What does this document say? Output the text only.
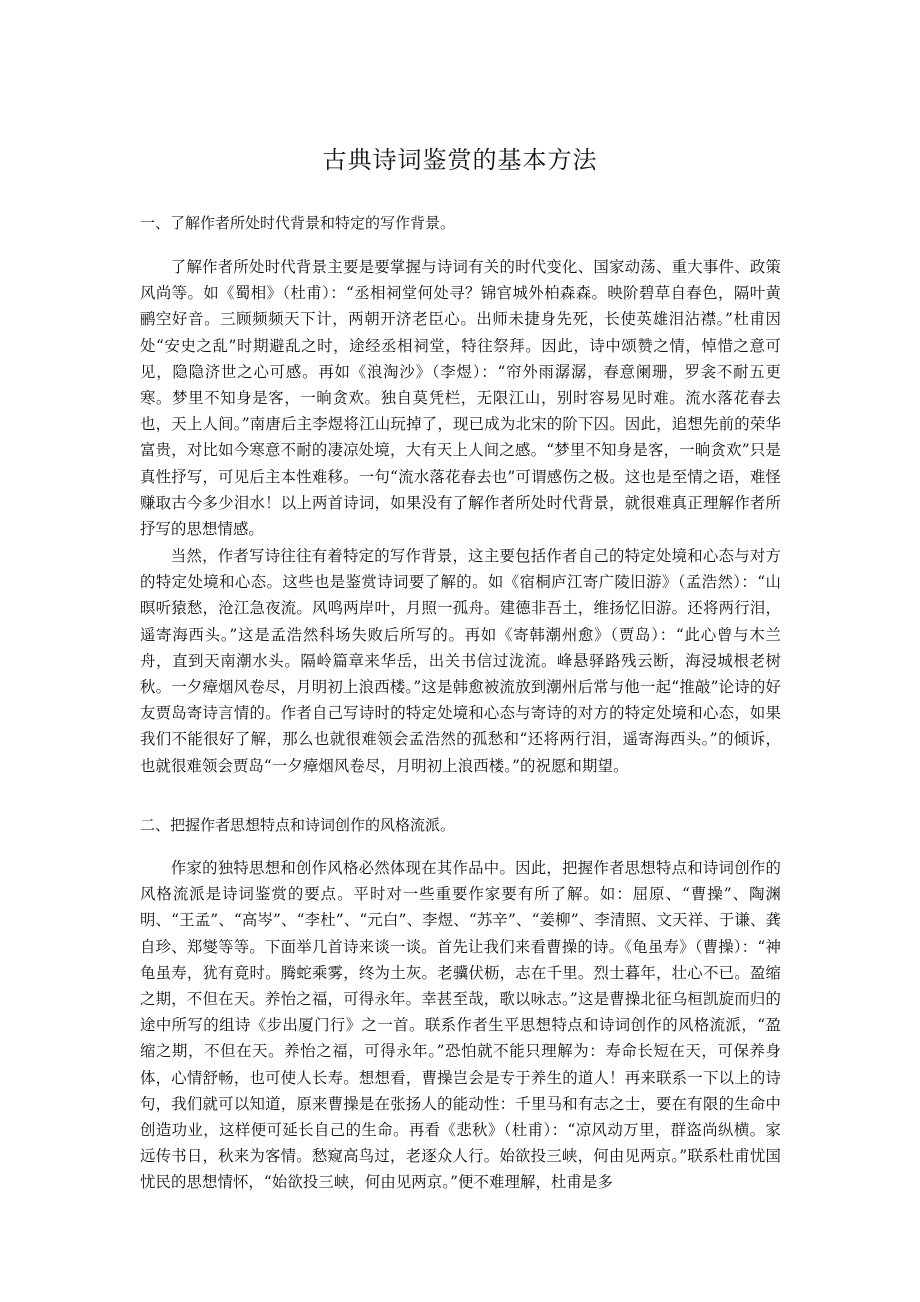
古典诗词鉴赏的基本方法

一、了解作者所处时代背景和特定的写作背景。

了解作者所处时代背景主要是要掌握与诗词有关的时代变化、国家动荡、重大事件、政策风尚等。如《蜀相》（杜甫）：“丞相祠堂何处寻？锦官城外柏森森。映阶碧草自春色，隔叶黄鹂空好音。三顾频频天下计，两朝开济老臣心。出师未捷身先死，长使英雄泪沾襟。”杜甫因处“安史之乱”时期避乱之时，途经丞相祠堂，特往祭拜。因此，诗中颂赞之情，悼惜之意可见，隐隐济世之心可感。再如《浪淘沙》（李煜）：“帘外雨潺潺，春意阑珊，罗衾不耐五更寒。梦里不知身是客，一晌贪欢。独自莫凭栏，无限江山，别时容易见时难。流水落花春去也，天上人间。”南唐后主李煜将江山玩掉了，现已成为北宋的阶下囚。因此，追想先前的荣华富贵，对比如今寒意不耐的凄凉处境，大有天上人间之感。“梦里不知身是客，一晌贪欢”只是真性抒写，可见后主本性难移。一句“流水落花春去也”可谓感伤之极。这也是至情之语，难怪赚取古今多少泪水！以上两首诗词，如果没有了解作者所处时代背景，就很难真正理解作者所抒写的思想情感。

当然，作者写诗往往有着特定的写作背景，这主要包括作者自己的特定处境和心态与对方的特定处境和心态。这些也是鉴赏诗词要了解的。如《宿桐庐江寄广陵旧游》（孟浩然）：“山暝听猿愁，沧江急夜流。风鸣两岸叶，月照一孤舟。建德非吾土，维扬忆旧游。还将两行泪，遥寄海西头。”这是孟浩然科场失败后所写的。再如《寄韩潮州愈》（贾岛）：“此心曾与木兰舟，直到天南潮水头。隔岭篇章来华岳，出关书信过泷流。峰悬驿路残云断，海浸城根老树秋。一夕瘴烟风卷尽，月明初上浪西楼。”这是韩愈被流放到潮州后常与他一起“推敲”论诗的好友贾岛寄诗言情的。作者自己写诗时的特定处境和心态与寄诗的对方的特定处境和心态，如果我们不能很好了解，那么也就很难领会孟浩然的孤愁和“还将两行泪，遥寄海西头。”的倾诉，也就很难领会贾岛“一夕瘴烟风卷尽，月明初上浪西楼。”的祝愿和期望。

二、把握作者思想特点和诗词创作的风格流派。

作家的独特思想和创作风格必然体现在其作品中。因此，把握作者思想特点和诗词创作的风格流派是诗词鉴赏的要点。平时对一些重要作家要有所了解。如：屈原、“曹操”、陶渊明、“王孟”、“高岑”、“李杜”、“元白”、李煜、“苏辛”、“姜柳”、李清照、文天祥、于谦、龚自珍、郑燮等等。下面举几首诗来谈一谈。首先让我们来看曹操的诗。《龟虽寿》（曹操）：“神龟虽寿，犹有竟时。腾蛇乘雾，终为土灰。老骥伏枥，志在千里。烈士暮年，壮心不已。盈缩之期，不但在天。养怡之福，可得永年。幸甚至哉，歌以咏志。”这是曹操北征乌桓凯旋而归的途中所写的组诗《步出厦门行》之一首。联系作者生平思想特点和诗词创作的风格流派，“盈缩之期，不但在天。养怡之福，可得永年。”恐怕就不能只理解为：寿命长短在天，可保养身体，心情舒畅，也可使人长寿。想想看，曹操岂会是专于养生的道人！再来联系一下以上的诗句，我们就可以知道，原来曹操是在张扬人的能动性：千里马和有志之士，要在有限的生命中创造功业，这样便可延长自己的生命。再看《悲秋》（杜甫）：“凉风动万里，群盗尚纵横。家远传书日，秋来为客情。愁窥高鸟过，老逐众人行。始欲投三峡，何由见两京。”联系杜甫忧国忧民的思想情怀，“始欲投三峡，何由见两京。”便不难理解，杜甫是多
